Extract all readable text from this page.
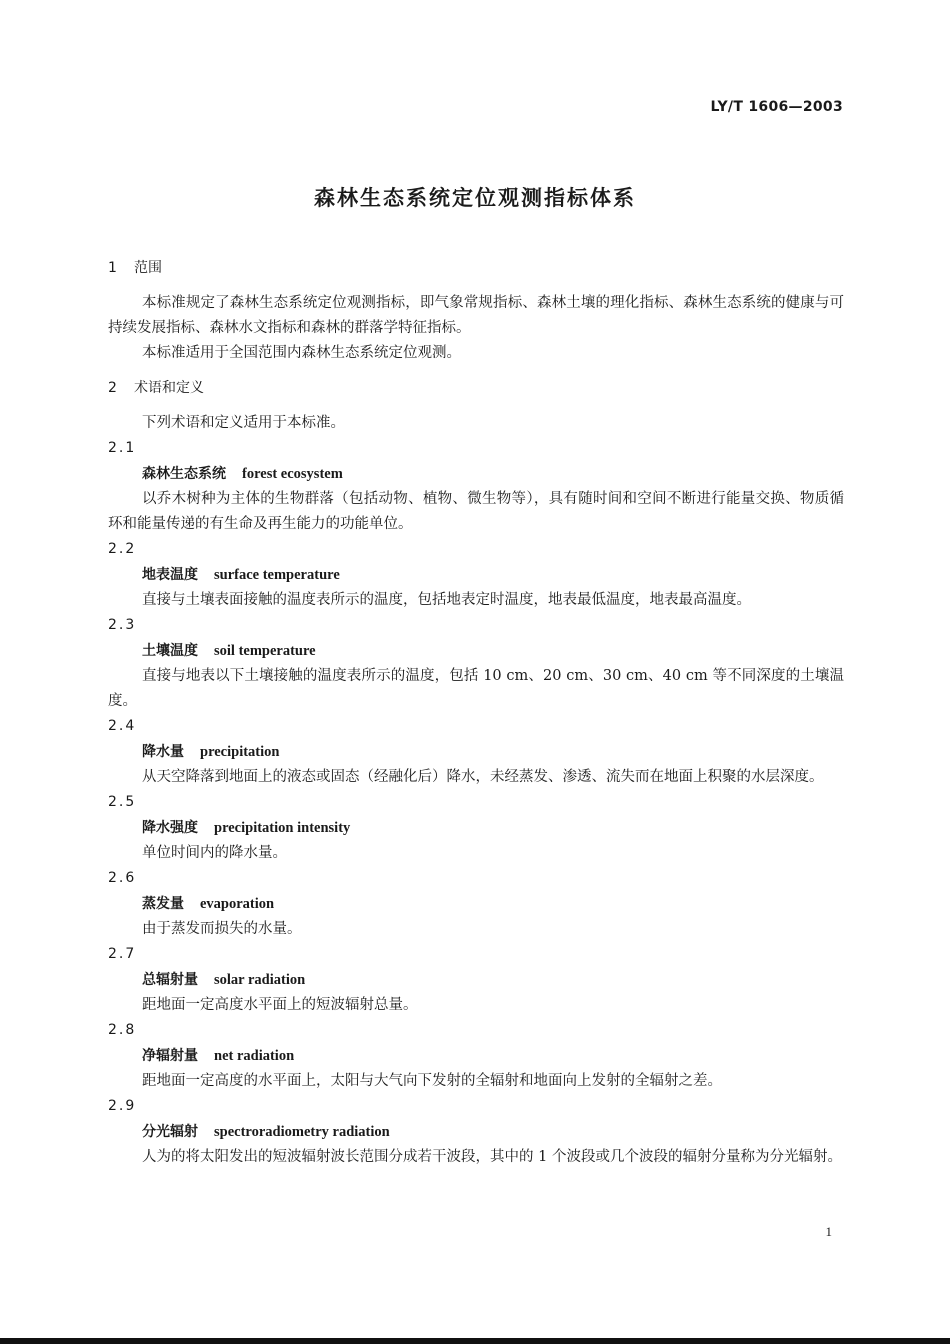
LY/T 1606—2003
森林生态系统定位观测指标体系
1 范围

本标准规定了森林生态系统定位观测指标，即气象常规指标、森林土壤的理化指标、森林生态系统的健康与可持续发展指标、森林水文指标和森林的群落学特征指标。

本标准适用于全国范围内森林生态系统定位观测。

2 术语和定义

下列术语和定义适用于本标准。

2.1
森林生态系统 forest ecosystem

以乔木树种为主体的生物群落（包括动物、植物、微生物等），具有随时间和空间不断进行能量交换、物质循环和能量传递的有生命及再生能力的功能单位。

2.2
地表温度 surface temperature

直接与土壤表面接触的温度表所示的温度，包括地表定时温度，地表最低温度，地表最高温度。

2.3
土壤温度 soil temperature

直接与地表以下土壤接触的温度表所示的温度，包括 10 cm、20 cm、30 cm、40 cm 等不同深度的土壤温度。

2.4
降水量 precipitation

从天空降落到地面上的液态或固态（经融化后）降水，未经蒸发、渗透、流失而在地面上积聚的水层深度。

2.5
降水强度 precipitation intensity

单位时间内的降水量。

2.6
蒸发量 evaporation

由于蒸发而损失的水量。

2.7
总辐射量 solar radiation

距地面一定高度水平面上的短波辐射总量。

2.8
净辐射量 net radiation

距地面一定高度的水平面上，太阳与大气向下发射的全辐射和地面向上发射的全辐射之差。

2.9
分光辐射 spectroradiometry radiation

人为的将太阳发出的短波辐射波长范围分成若干波段，其中的 1 个波段或几个波段的辐射分量称为分光辐射。

1
